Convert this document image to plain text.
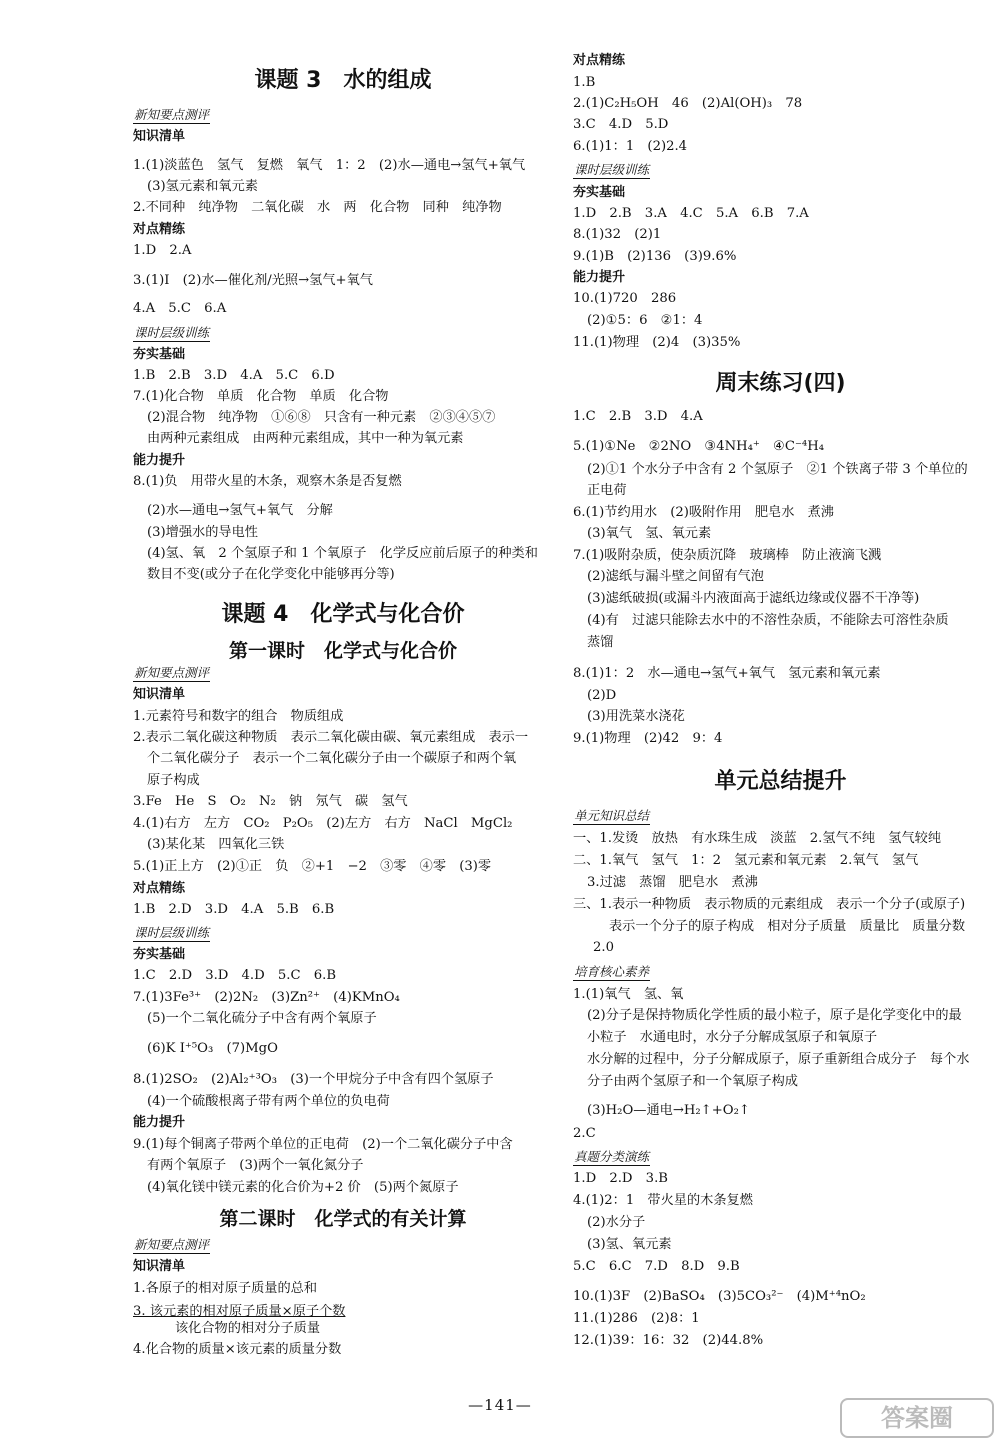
课题 3　水的组成
新知要点测评
知识清单
1.(1)淡蓝色　氢气　复燃　氧气　1：2　(2)水—通电→氢气+氧气
(3)氢元素和氧元素
2.不同种　纯净物　二氧化碳　水　两　化合物　同种　纯净物
对点精练
1.D　2.A
3.(1)I　(2)水—催化剂/光照→氢气+氧气
4.A　5.C　6.A
课时层级训练
夯实基础
1.B　2.B　3.D　4.A　5.C　6.D
7.(1)化合物　单质　化合物　单质　化合物
(2)混合物　纯净物　①⑥⑧　只含有一种元素　②③④⑤⑦
由两种元素组成　由两种元素组成，其中一种为氧元素
能力提升
8.(1)负　用带火星的木条，观察木条是否复燃
(2)水—通电→氢气+氧气　分解
(3)增强水的导电性
(4)氢、氧　2 个氢原子和 1 个氧原子　化学反应前后原子的种类和
数目不变(或分子在化学变化中能够再分等)
课题 4　化学式与化合价
第一课时　化学式与化合价
新知要点测评
知识清单
1.元素符号和数字的组合　物质组成
2.表示二氧化碳这种物质　表示二氧化碳由碳、氧元素组成　表示一
个二氧化碳分子　表示一个二氧化碳分子由一个碳原子和两个氧
原子构成
3.Fe　He　S　O₂　N₂　钠　氖气　碳　氢气
4.(1)右方　左方　CO₂　P₂O₅　(2)左方　右方　NaCl　MgCl₂
(3)某化某　四氧化三铁
5.(1)正上方　(2)①正　负　②+1　−2　③零　④零　(3)零
对点精练
1.B　2.D　3.D　4.A　5.B　6.B
课时层级训练
夯实基础
1.C　2.D　3.D　4.D　5.C　6.B
7.(1)3Fe³⁺　(2)2N₂　(3)Zn²⁺　(4)KMnO₄
(5)一个二氧化硫分子中含有两个氧原子
(6)K I⁺⁵O₃　(7)MgO
8.(1)2SO₂　(2)Al₂⁺³O₃　(3)一个甲烷分子中含有四个氢原子
(4)一个硫酸根离子带有两个单位的负电荷
能力提升
9.(1)每个铜离子带两个单位的正电荷　(2)一个二氧化碳分子中含
有两个氧原子　(3)两个一氧化氮分子
(4)氧化镁中镁元素的化合价为+2 价　(5)两个氮原子
第二课时　化学式的有关计算
新知要点测评
知识清单
1.各原子的相对原子质量的总和
3. 该元素的相对原子质量×原子个数
该化合物的相对分子质量
4.化合物的质量×该元素的质量分数
对点精练
1.B
2.(1)C₂H₅OH　46　(2)Al(OH)₃　78
3.C　4.D　5.D
6.(1)1：1　(2)2.4
课时层级训练
夯实基础
1.D　2.B　3.A　4.C　5.A　6.B　7.A
8.(1)32　(2)1
9.(1)B　(2)136　(3)9.6%
能力提升
10.(1)720　286
(2)①5：6　②1：4
11.(1)物理　(2)4　(3)35%
周末练习(四)
1.C　2.B　3.D　4.A
5.(1)①Ne　②2NO　③4NH₄⁺　④C⁻⁴H₄
(2)①1 个水分子中含有 2 个氢原子　②1 个铁离子带 3 个单位的
正电荷
6.(1)节约用水　(2)吸附作用　肥皂水　煮沸
(3)氧气　氢、氧元素
7.(1)吸附杂质，使杂质沉降　玻璃棒　防止液滴飞溅
(2)滤纸与漏斗壁之间留有气泡
(3)滤纸破损(或漏斗内液面高于滤纸边缘或仪器不干净等)
(4)有　过滤只能除去水中的不溶性杂质，不能除去可溶性杂质
蒸馏
8.(1)1：2　水—通电→氢气+氧气　氢元素和氧元素
(2)D
(3)用洗菜水浇花
9.(1)物理　(2)42　9：4
单元总结提升
单元知识总结
一、1.发烫　放热　有水珠生成　淡蓝　2.氢气不纯　氢气较纯
二、1.氧气　氢气　1：2　氢元素和氧元素　2.氧气　氢气
3.过滤　蒸馏　肥皂水　煮沸
三、1.表示一种物质　表示物质的元素组成　表示一个分子(或原子)
表示一个分子的原子构成　相对分子质量　质量比　质量分数
2.0
培育核心素养
1.(1)氧气　氢、氧
(2)分子是保持物质化学性质的最小粒子，原子是化学变化中的最
小粒子　水通电时，水分子分解成氢原子和氧原子
水分解的过程中，分子分解成原子，原子重新组合成分子　每个水
分子由两个氢原子和一个氧原子构成
(3)H₂O—通电→H₂↑+O₂↑
2.C
真题分类演练
1.D　2.D　3.B
4.(1)2：1　带火星的木条复燃
(2)水分子
(3)氢、氧元素
5.C　6.C　7.D　8.D　9.B
10.(1)3F　(2)BaSO₄　(3)5CO₃²⁻　(4)M⁺⁴nO₂
11.(1)286　(2)8：1
12.(1)39：16：32　(2)44.8%
—141—	答案圈
